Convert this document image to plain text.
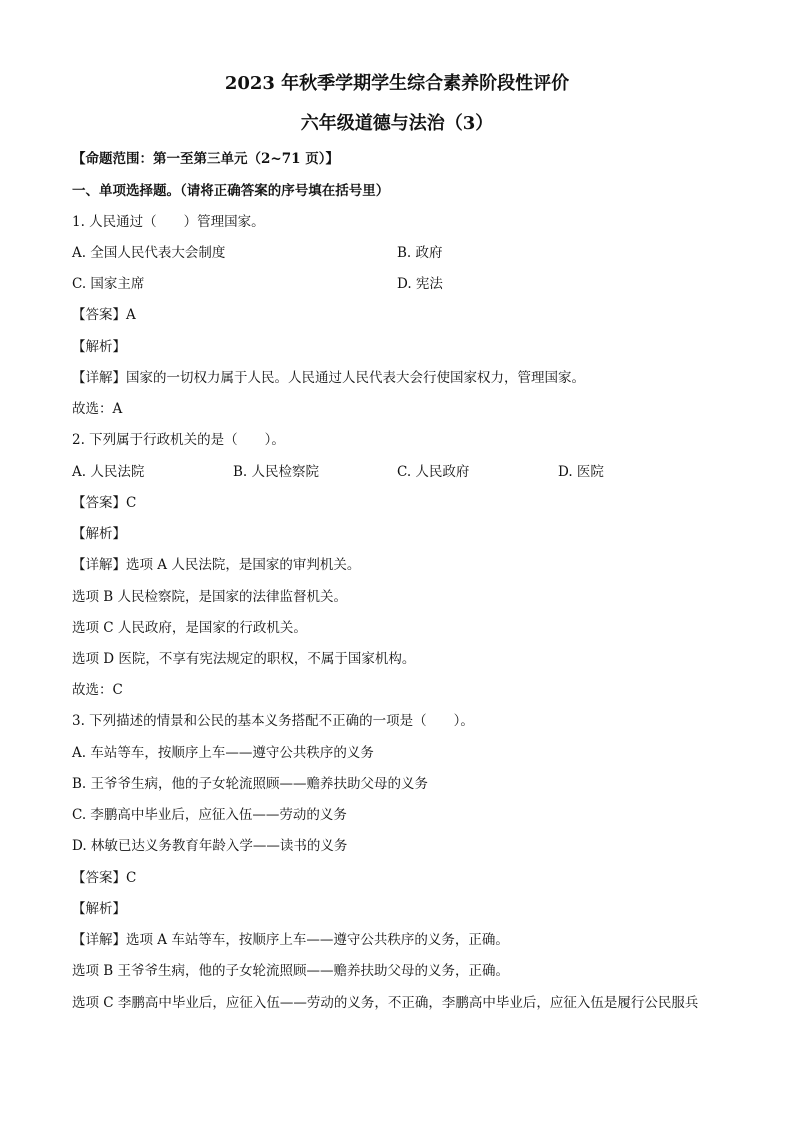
2023 年秋季学期学生综合素养阶段性评价
六年级道德与法治（3）
【命题范围：第一至第三单元（2~71 页）】
一、单项选择题。（请将正确答案的序号填在括号里）
1. 人民通过（　　）管理国家。
A. 全国人民代表大会制度	B. 政府
C. 国家主席	D. 宪法
【答案】A
【解析】
【详解】国家的一切权力属于人民。人民通过人民代表大会行使国家权力，管理国家。
故选：A
2. 下列属于行政机关的是（　　）。
A. 人民法院	B. 人民检察院	C. 人民政府	D. 医院
【答案】C
【解析】
【详解】选项 A 人民法院，是国家的审判机关。
选项 B 人民检察院，是国家的法律监督机关。
选项 C 人民政府，是国家的行政机关。
选项 D 医院，不享有宪法规定的职权，不属于国家机构。
故选：C
3. 下列描述的情景和公民的基本义务搭配不正确的一项是（　　）。
A. 车站等车，按顺序上车——遵守公共秩序的义务
B. 王爷爷生病，他的子女轮流照顾——赡养扶助父母的义务
C. 李鹏高中毕业后，应征入伍——劳动的义务
D. 林敏已达义务教育年龄入学——读书的义务
【答案】C
【解析】
【详解】选项 A 车站等车，按顺序上车——遵守公共秩序的义务，正确。
选项 B 王爷爷生病，他的子女轮流照顾——赡养扶助父母的义务，正确。
选项 C 李鹏高中毕业后，应征入伍——劳动的义务，不正确，李鹏高中毕业后，应征入伍是履行公民服兵
